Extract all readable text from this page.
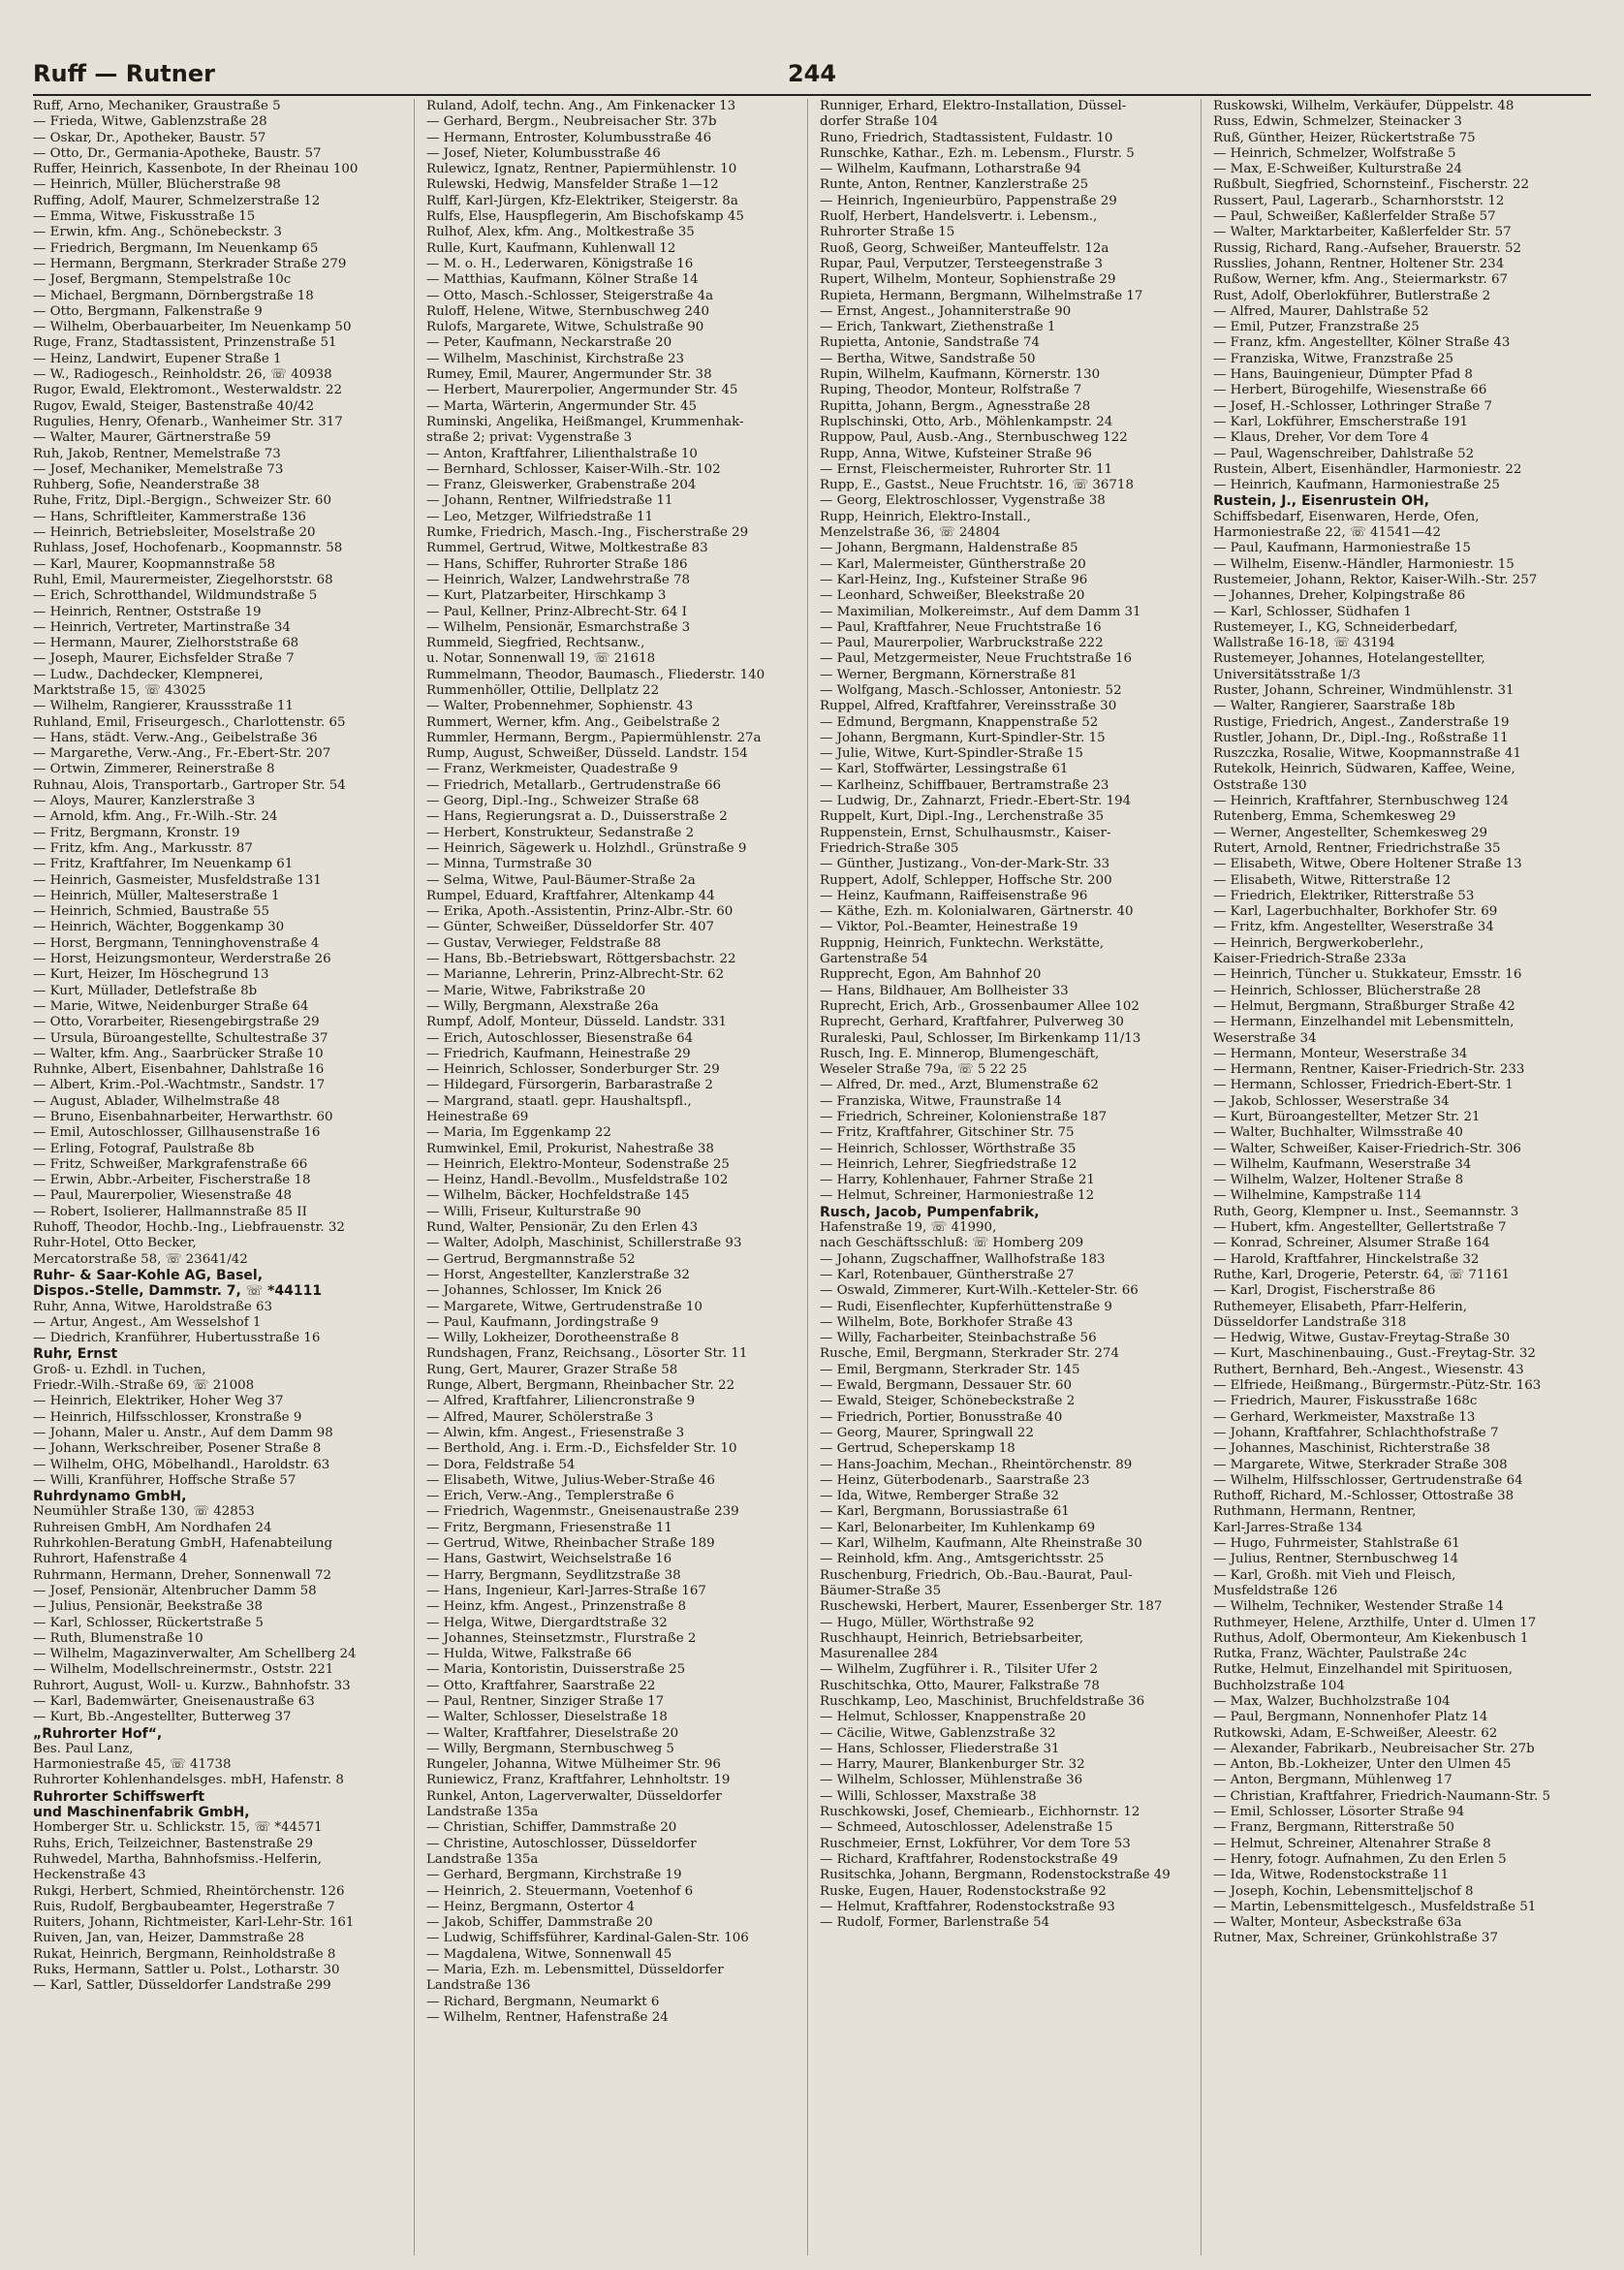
Ruff — Rutner	244
Ruff, Arno, Mechaniker, Graustraße 5
— Frieda, Witwe, Gablenzstraße 28
— Oskar, Dr., Apotheker, Baustr. 57
— Otto, Dr., Germania-Apotheke, Baustr. 57
Ruffer, Heinrich, Kassenbote, In der Rheinau 100
— Heinrich, Müller, Blücherstraße 98
Ruffing, Adolf, Maurer, Schmelzerstraße 12
— Emma, Witwe, Fiskusstraße 15
— Erwin, kfm. Ang., Schönebeckstr. 3
— Friedrich, Bergmann, Im Neuenkamp 65
— Hermann, Bergmann, Sterkrader Straße 279
— Josef, Bergmann, Stempelstraße 10c
— Michael, Bergmann, Dörnbergstraße 18
— Otto, Bergmann, Falkenstraße 9
— Wilhelm, Oberbauarbeiter, Im Neuenkamp 50
Ruge, Franz, Stadtassistent, Prinzenstraße 51
— Heinz, Landwirt, Eupener Straße 1
— W., Radiogesch., Reinholdstr. 26, ☏ 40938
Rugor, Ewald, Elektromont., Westerwaldstr. 22
Rugov, Ewald, Steiger, Bastenstraße 40/42
Rugulies, Henry, Ofenarb., Wanheimer Str. 317
— Walter, Maurer, Gärtnerstraße 59
Ruh, Jakob, Rentner, Memelstraße 73
— Josef, Mechaniker, Memelstraße 73
Ruhberg, Sofie, Neanderstraße 38
Ruhe, Fritz, Dipl.-Bergign., Schweizer Str. 60
— Hans, Schriftleiter, Kammerstraße 136
— Heinrich, Betriebsleiter, Moselstraße 20
Ruhlass, Josef, Hochofenarb., Koopmannstr. 58
— Karl, Maurer, Koopmannstraße 58
Ruhl, Emil, Maurermeister, Ziegelhorststr. 68
— Erich, Schrotthandel, Wildmundstraße 5
— Heinrich, Rentner, Oststraße 19
— Heinrich, Vertreter, Martinstraße 34
— Hermann, Maurer, Zielhorststraße 68
— Joseph, Maurer, Eichsfelder Straße 7
— Ludw., Dachdecker, Klempnerei,
Marktstraße 15, ☏ 43025
— Wilhelm, Rangierer, Kraussstraße 11
Ruhland, Emil, Friseurgesch., Charlottenstr. 65
— Hans, städt. Verw.-Ang., Geibelstraße 36
— Margarethe, Verw.-Ang., Fr.-Ebert-Str. 207
— Ortwin, Zimmerer, Reinerstraße 8
Ruhnau, Alois, Transportarb., Gartroper Str. 54
— Aloys, Maurer, Kanzlerstraße 3
— Arnold, kfm. Ang., Fr.-Wilh.-Str. 24
— Fritz, Bergmann, Kronstr. 19
— Fritz, kfm. Ang., Markusstr. 87
— Fritz, Kraftfahrer, Im Neuenkamp 61
— Heinrich, Gasmeister, Musfeldstraße 131
— Heinrich, Müller, Malteserstraße 1
— Heinrich, Schmied, Baustraße 55
— Heinrich, Wächter, Boggenkamp 30
— Horst, Bergmann, Tenninghovenstraße 4
— Horst, Heizungsmonteur, Werderstraße 26
— Kurt, Heizer, Im Höschegrund 13
— Kurt, Müllader, Detlefstraße 8b
— Marie, Witwe, Neidenburger Straße 64
— Otto, Vorarbeiter, Riesengebirgstraße 29
— Ursula, Büroangestellte, Schultestraße 37
— Walter, kfm. Ang., Saarbrücker Straße 10
Ruhnke, Albert, Eisenbahner, Dahlstraße 16
— Albert, Krim.-Pol.-Wachtmstr., Sandstr. 17
— August, Ablader, Wilhelmstraße 48
— Bruno, Eisenbahnarbeiter, Herwarthstr. 60
— Emil, Autoschlosser, Gillhausenstraße 16
— Erling, Fotograf, Paulstraße 8b
— Fritz, Schweißer, Markgrafenstraße 66
— Erwin, Abbr.-Arbeiter, Fischerstraße 18
— Paul, Maurerpolier, Wiesenstraße 48
— Robert, Isolierer, Hallmannstraße 85 II
Ruhoff, Theodor, Hochb.-Ing., Liebfrauenstr. 32
Ruhr-Hotel, Otto Becker,
Mercatorstraße 58, ☏ 23641/42
Ruhr- & Saar-Kohle AG, Basel,
Dispos.-Stelle, Dammstr. 7, ☏ *44111
Ruhr, Anna, Witwe, Haroldstraße 63
— Artur, Angest., Am Wesselshof 1
— Diedrich, Kranführer, Hubertusstraße 16
Ruhr, Ernst
Groß- u. Ezhdl. in Tuchen,
Friedr.-Wilh.-Straße 69, ☏ 21008
— Heinrich, Elektriker, Hoher Weg 37
— Heinrich, Hilfsschlosser, Kronstraße 9
— Johann, Maler u. Anstr., Auf dem Damm 98
— Johann, Werkschreiber, Posener Straße 8
— Wilhelm, OHG, Möbelhandl., Haroldstr. 63
— Willi, Kranführer, Hoffsche Straße 57
Ruhrdynamo GmbH,
Neumühler Straße 130, ☏ 42853
Ruhreisen GmbH, Am Nordhafen 24
Ruhrkohlen-Beratung GmbH, Hafenabteilung
Ruhrort, Hafenstraße 4
Ruhrmann, Hermann, Dreher, Sonnenwall 72
— Josef, Pensionär, Altenbrucher Damm 58
— Julius, Pensionär, Beekstraße 38
— Karl, Schlosser, Rückertstraße 5
— Ruth, Blumenstraße 10
— Wilhelm, Magazinverwalter, Am Schellberg 24
— Wilhelm, Modellschreinermstr., Oststr. 221
Ruhrort, August, Woll- u. Kurzw., Bahnhofstr. 33
— Karl, Bademwärter, Gneisenaustraße 63
— Kurt, Bb.-Angestellter, Butterweg 37
„Ruhrorter Hof“,
Bes. Paul Lanz,
Harmoniestraße 45, ☏ 41738
Ruhrorter Kohlenhandelsges. mbH, Hafenstr. 8
Ruhrorter Schiffswerft
und Maschinenfabrik GmbH,
Homberger Str. u. Schlickstr. 15, ☏ *44571
Ruhs, Erich, Teilzeichner, Bastenstraße 29
Ruhwedel, Martha, Bahnhofsmiss.-Helferin,
Heckenstraße 43
Rukgi, Herbert, Schmied, Rheintörchenstr. 126
Ruis, Rudolf, Bergbaubeamter, Hegerstraße 7
Ruiters, Johann, Richtmeister, Karl-Lehr-Str. 161
Ruiven, Jan, van, Heizer, Dammstraße 28
Rukat, Heinrich, Bergmann, Reinholdstraße 8
Ruks, Hermann, Sattler u. Polst., Lotharstr. 30
— Karl, Sattler, Düsseldorfer Landstraße 299
Ruland, Adolf, techn. Ang., Am Finkenacker 13
— Gerhard, Bergm., Neubreisacher Str. 37b
— Hermann, Entroster, Kolumbusstraße 46
— Josef, Nieter, Kolumbusstraße 46
Rulewicz, Ignatz, Rentner, Papiermühlenstr. 10
Rulewski, Hedwig, Mansfelder Straße 1—12
Rulff, Karl-Jürgen, Kfz-Elektriker, Steigerstr. 8a
Rulfs, Else, Hauspflegerin, Am Bischofskamp 45
Rulhof, Alex, kfm. Ang., Moltkestraße 35
Rulle, Kurt, Kaufmann, Kuhlenwall 12
— M. o. H., Lederwaren, Königstraße 16
— Matthias, Kaufmann, Kölner Straße 14
— Otto, Masch.-Schlosser, Steigerstraße 4a
Ruloff, Helene, Witwe, Sternbuschweg 240
Rulofs, Margarete, Witwe, Schulstraße 90
— Peter, Kaufmann, Neckarstraße 20
— Wilhelm, Maschinist, Kirchstraße 23
Rumey, Emil, Maurer, Angermunder Str. 38
— Herbert, Maurerpolier, Angermunder Str. 45
— Marta, Wärterin, Angermunder Str. 45
Ruminski, Angelika, Heißmangel, Krummenhak-
straße 2; privat: Vygenstraße 3
— Anton, Kraftfahrer, Lilienthalstraße 10
— Bernhard, Schlosser, Kaiser-Wilh.-Str. 102
— Franz, Gleiswerker, Grabenstraße 204
— Johann, Rentner, Wilfriedstraße 11
— Leo, Metzger, Wilfriedstraße 11
Rumke, Friedrich, Masch.-Ing., Fischerstraße 29
Rummel, Gertrud, Witwe, Moltkestraße 83
— Hans, Schiffer, Ruhrorter Straße 186
— Heinrich, Walzer, Landwehrstraße 78
— Kurt, Platzarbeiter, Hirschkamp 3
— Paul, Kellner, Prinz-Albrecht-Str. 64 I
— Wilhelm, Pensionär, Esmarchstraße 3
Rummeld, Siegfried, Rechtsanw.,
u. Notar, Sonnenwall 19, ☏ 21618
Rummelmann, Theodor, Baumasch., Fliederstr. 140
Rummenhöller, Ottilie, Dellplatz 22
— Walter, Probennehmer, Sophienstr. 43
Rummert, Werner, kfm. Ang., Geibelstraße 2
Rummler, Hermann, Bergm., Papiermühlenstr. 27a
Rump, August, Schweißer, Düsseld. Landstr. 154
— Franz, Werkmeister, Quadestraße 9
— Friedrich, Metallarb., Gertrudenstraße 66
— Georg, Dipl.-Ing., Schweizer Straße 68
— Hans, Regierungsrat a. D., Duisserstraße 2
— Herbert, Konstrukteur, Sedanstraße 2
— Heinrich, Sägewerk u. Holzhdl., Grünstraße 9
— Minna, Turmstraße 30
— Selma, Witwe, Paul-Bäumer-Straße 2a
Rumpel, Eduard, Kraftfahrer, Altenkamp 44
— Erika, Apoth.-Assistentin, Prinz-Albr.-Str. 60
— Günter, Schweißer, Düsseldorfer Str. 407
— Gustav, Verwieger, Feldstraße 88
— Hans, Bb.-Betriebswart, Röttgersbachstr. 22
— Marianne, Lehrerin, Prinz-Albrecht-Str. 62
— Marie, Witwe, Fabrikstraße 20
— Willy, Bergmann, Alexstraße 26a
Rumpf, Adolf, Monteur, Düsseld. Landstr. 331
— Erich, Autoschlosser, Biesenstraße 64
— Friedrich, Kaufmann, Heinestraße 29
— Heinrich, Schlosser, Sonderburger Str. 29
— Hildegard, Fürsorgerin, Barbarastraße 2
— Margrand, staatl. gepr. Haushaltspfl.,
Heinestraße 69
— Maria, Im Eggenkamp 22
Rumwinkel, Emil, Prokurist, Nahestraße 38
— Heinrich, Elektro-Monteur, Sodenstraße 25
— Heinz, Handl.-Bevollm., Musfeldstraße 102
— Wilhelm, Bäcker, Hochfeldstraße 145
— Willi, Friseur, Kulturstraße 90
Rund, Walter, Pensionär, Zu den Erlen 43
— Walter, Adolph, Maschinist, Schillerstraße 93
— Gertrud, Bergmannstraße 52
— Horst, Angestellter, Kanzlerstraße 32
— Johannes, Schlosser, Im Knick 26
— Margarete, Witwe, Gertrudenstraße 10
— Paul, Kaufmann, Jordingstraße 9
— Willy, Lokheizer, Dorotheenstraße 8
Rundshagen, Franz, Reichsang., Lösorter Str. 11
Rung, Gert, Maurer, Grazer Straße 58
Runge, Albert, Bergmann, Rheinbacher Str. 22
— Alfred, Kraftfahrer, Liliencronstraße 9
— Alfred, Maurer, Schölerstraße 3
— Alwin, kfm. Angest., Friesenstraße 3
— Berthold, Ang. i. Erm.-D., Eichsfelder Str. 10
— Dora, Feldstraße 54
— Elisabeth, Witwe, Julius-Weber-Straße 46
— Erich, Verw.-Ang., Templerstraße 6
— Friedrich, Wagenmstr., Gneisenaustraße 239
— Fritz, Bergmann, Friesenstraße 11
— Gertrud, Witwe, Rheinbacher Straße 189
— Hans, Gastwirt, Weichselstraße 16
— Harry, Bergmann, Seydlitzstraße 38
— Hans, Ingenieur, Karl-Jarres-Straße 167
— Heinz, kfm. Angest., Prinzenstraße 8
— Helga, Witwe, Diergardtstraße 32
— Johannes, Steinsetzmstr., Flurstraße 2
— Hulda, Witwe, Falkstraße 66
— Maria, Kontoristin, Duisserstraße 25
— Otto, Kraftfahrer, Saarstraße 22
— Paul, Rentner, Sinziger Straße 17
— Walter, Schlosser, Dieselstraße 18
— Walter, Kraftfahrer, Dieselstraße 20
— Willy, Bergmann, Sternbuschweg 5
Rungeler, Johanna, Witwe Mülheimer Str. 96
Runiewicz, Franz, Kraftfahrer, Lehnholtstr. 19
Runkel, Anton, Lagerverwalter, Düsseldorfer
Landstraße 135a
— Christian, Schiffer, Dammstraße 20
— Christine, Autoschlosser, Düsseldorfer
Landstraße 135a
— Gerhard, Bergmann, Kirchstraße 19
— Heinrich, 2. Steuermann, Voetenhof 6
— Heinz, Bergmann, Ostertor 4
— Jakob, Schiffer, Dammstraße 20
— Ludwig, Schiffsführer, Kardinal-Galen-Str. 106
— Magdalena, Witwe, Sonnenwall 45
— Maria, Ezh. m. Lebensmittel, Düsseldorfer
Landstraße 136
— Richard, Bergmann, Neumarkt 6
— Wilhelm, Rentner, Hafenstraße 24
Runniger, Erhard, Elektro-Installation, Düssel-
dorfer Straße 104
Runo, Friedrich, Stadtassistent, Fuldastr. 10
Runschke, Kathar., Ezh. m. Lebensm., Flurstr. 5
— Wilhelm, Kaufmann, Lotharstraße 94
Runte, Anton, Rentner, Kanzlerstraße 25
— Heinrich, Ingenieurbüro, Pappenstraße 29
Ruolf, Herbert, Handelsvertr. i. Lebensm.,
Ruhrorter Straße 15
Ruoß, Georg, Schweißer, Manteuffelstr. 12a
Rupar, Paul, Verputzer, Tersteegenstraße 3
Rupert, Wilhelm, Monteur, Sophienstraße 29
Rupieta, Hermann, Bergmann, Wilhelmstraße 17
— Ernst, Angest., Johanniterstraße 90
— Erich, Tankwart, Ziethenstraße 1
Rupietta, Antonie, Sandstraße 74
— Bertha, Witwe, Sandstraße 50
Rupin, Wilhelm, Kaufmann, Körnerstr. 130
Ruping, Theodor, Monteur, Rolfstraße 7
Rupitta, Johann, Bergm., Agnesstraße 28
Ruplschinski, Otto, Arb., Möhlenkampstr. 24
Ruppow, Paul, Ausb.-Ang., Sternbuschweg 122
Rupp, Anna, Witwe, Kufsteiner Straße 96
— Ernst, Fleischermeister, Ruhrorter Str. 11
Rupp, E., Gastst., Neue Fruchtstr. 16, ☏ 36718
— Georg, Elektroschlosser, Vygenstraße 38
Rupp, Heinrich, Elektro-Install.,
Menzelstraße 36, ☏ 24804
— Johann, Bergmann, Haldenstraße 85
— Karl, Malermeister, Güntherstraße 20
— Karl-Heinz, Ing., Kufsteiner Straße 96
— Leonhard, Schweißer, Bleekstraße 20
— Maximilian, Molkereimstr., Auf dem Damm 31
— Paul, Kraftfahrer, Neue Fruchtstraße 16
— Paul, Maurerpolier, Warbruckstraße 222
— Paul, Metzgermeister, Neue Fruchtstraße 16
— Werner, Bergmann, Körnerstraße 81
— Wolfgang, Masch.-Schlosser, Antoniestr. 52
Ruppel, Alfred, Kraftfahrer, Vereinsstraße 30
— Edmund, Bergmann, Knappenstraße 52
— Johann, Bergmann, Kurt-Spindler-Str. 15
— Julie, Witwe, Kurt-Spindler-Straße 15
— Karl, Stoffwärter, Lessingstraße 61
— Karlheinz, Schiffbauer, Bertramstraße 23
— Ludwig, Dr., Zahnarzt, Friedr.-Ebert-Str. 194
Ruppelt, Kurt, Dipl.-Ing., Lerchenstraße 35
Ruppenstein, Ernst, Schulhausmstr., Kaiser-
Friedrich-Straße 305
— Günther, Justizang., Von-der-Mark-Str. 33
Ruppert, Adolf, Schlepper, Hoffsche Str. 200
— Heinz, Kaufmann, Raiffeisenstraße 96
— Käthe, Ezh. m. Kolonialwaren, Gärtnerstr. 40
— Viktor, Pol.-Beamter, Heinestraße 19
Ruppnig, Heinrich, Funktechn. Werkstätte,
Gartenstraße 54
Rupprecht, Egon, Am Bahnhof 20
— Hans, Bildhauer, Am Bollheister 33
Ruprecht, Erich, Arb., Grossenbaumer Allee 102
Ruprecht, Gerhard, Kraftfahrer, Pulverweg 30
Ruraleski, Paul, Schlosser, Im Birkenkamp 11/13
Rusch, Ing. E. Minnerop, Blumengeschäft,
Weseler Straße 79a, ☏ 5 22 25
— Alfred, Dr. med., Arzt, Blumenstraße 62
— Franziska, Witwe, Fraunstraße 14
— Friedrich, Schreiner, Kolonienstraße 187
— Fritz, Kraftfahrer, Gitschiner Str. 75
— Heinrich, Schlosser, Wörthstraße 35
— Heinrich, Lehrer, Siegfriedstraße 12
— Harry, Kohlenhauer, Fahrner Straße 21
— Helmut, Schreiner, Harmoniestraße 12
Rusch, Jacob, Pumpenfabrik,
Hafenstraße 19, ☏ 41990,
nach Geschäftsschluß: ☏ Homberg 209
— Johann, Zugschaffner, Wallhofstraße 183
— Karl, Rotenbauer, Güntherstraße 27
— Oswald, Zimmerer, Kurt-Wilh.-Ketteler-Str. 66
— Rudi, Eisenflechter, Kupferhüttenstraße 9
— Wilhelm, Bote, Borkhofer Straße 43
— Willy, Facharbeiter, Steinbachstraße 56
Rusche, Emil, Bergmann, Sterkrader Str. 274
— Emil, Bergmann, Sterkrader Str. 145
— Ewald, Bergmann, Dessauer Str. 60
— Ewald, Steiger, Schönebeckstraße 2
— Friedrich, Portier, Bonusstraße 40
— Georg, Maurer, Springwall 22
— Gertrud, Scheperskamp 18
— Hans-Joachim, Mechan., Rheintörchenstr. 89
— Heinz, Güterbodenarb., Saarstraße 23
— Ida, Witwe, Remberger Straße 32
— Karl, Bergmann, Borussiastraße 61
— Karl, Belonarbeiter, Im Kuhlenkamp 69
— Karl, Wilhelm, Kaufmann, Alte Rheinstraße 30
— Reinhold, kfm. Ang., Amtsgerichtsstr. 25
Ruschenburg, Friedrich, Ob.-Bau.-Baurat, Paul-
Bäumer-Straße 35
Ruschewski, Herbert, Maurer, Essenberger Str. 187
— Hugo, Müller, Wörthstraße 92
Ruschhaupt, Heinrich, Betriebsarbeiter,
Masurenallee 284
— Wilhelm, Zugführer i. R., Tilsiter Ufer 2
Ruschitschka, Otto, Maurer, Falkstraße 78
Ruschkamp, Leo, Maschinist, Bruchfeldstraße 36
— Helmut, Schlosser, Knappenstraße 20
— Cäcilie, Witwe, Gablenzstraße 32
— Hans, Schlosser, Fliederstraße 31
— Harry, Maurer, Blankenburger Str. 32
— Wilhelm, Schlosser, Mühlenstraße 36
— Willi, Schlosser, Maxstraße 38
Ruschkowski, Josef, Chemiearb., Eichhornstr. 12
— Schmeed, Autoschlosser, Adelenstraße 15
Ruschmeier, Ernst, Lokführer, Vor dem Tore 53
— Richard, Kraftfahrer, Rodenstockstraße 49
Rusitschka, Johann, Bergmann, Rodenstockstraße 49
Ruske, Eugen, Hauer, Rodenstockstraße 92
— Helmut, Kraftfahrer, Rodenstockstraße 93
— Rudolf, Former, Barlenstraße 54
Ruskowski, Wilhelm, Verkäufer, Düppelstr. 48
Russ, Edwin, Schmelzer, Steinacker 3
Ruß, Günther, Heizer, Rückertstraße 75
— Heinrich, Schmelzer, Wolfstraße 5
— Max, E-Schweißer, Kulturstraße 24
Rußbult, Siegfried, Schornsteinf., Fischerstr. 22
Russert, Paul, Lagerarb., Scharnhorststr. 12
— Paul, Schweißer, Kaßlerfelder Straße 57
— Walter, Marktarbeiter, Kaßlerfelder Str. 57
Russig, Richard, Rang.-Aufseher, Brauerstr. 52
Russlies, Johann, Rentner, Holtener Str. 234
Rußow, Werner, kfm. Ang., Steiermarkstr. 67
Rust, Adolf, Oberlokführer, Butlerstraße 2
— Alfred, Maurer, Dahlstraße 52
— Emil, Putzer, Franzstraße 25
— Franz, kfm. Angestellter, Kölner Straße 43
— Franziska, Witwe, Franzstraße 25
— Hans, Bauingenieur, Dümpter Pfad 8
— Herbert, Bürogehilfe, Wiesenstraße 66
— Josef, H.-Schlosser, Lothringer Straße 7
— Karl, Lokführer, Emscherstraße 191
— Klaus, Dreher, Vor dem Tore 4
— Paul, Wagenschreiber, Dahlstraße 52
Rustein, Albert, Eisenhändler, Harmoniestr. 22
— Heinrich, Kaufmann, Harmoniestraße 25
Rustein, J., Eisenrustein OH,
Schiffsbedarf, Eisenwaren, Herde, Öfen,
Harmoniestraße 22, ☏ 41541—42
— Paul, Kaufmann, Harmoniestraße 15
— Wilhelm, Eisenw.-Händler, Harmoniestr. 15
Rustemeier, Johann, Rektor, Kaiser-Wilh.-Str. 257
— Johannes, Dreher, Kolpingstraße 86
— Karl, Schlosser, Südhafen 1
Rustemeyer, I., KG, Schneiderbedarf,
Wallstraße 16-18, ☏ 43194
Rustemeyer, Johannes, Hotelangestellter,
Universitätsstraße 1/3
Ruster, Johann, Schreiner, Windmühlenstr. 31
— Walter, Rangierer, Saarstraße 18b
Rustige, Friedrich, Angest., Zanderstraße 19
Rustler, Johann, Dr., Dipl.-Ing., Roßstraße 11
Ruszczka, Rosalie, Witwe, Koopmannstraße 41
Rutekolk, Heinrich, Südwaren, Kaffee, Weine,
Oststraße 130
— Heinrich, Kraftfahrer, Sternbuschweg 124
Rutenberg, Emma, Schemkesweg 29
— Werner, Angestellter, Schemkesweg 29
Rutert, Arnold, Rentner, Friedrichstraße 35
— Elisabeth, Witwe, Obere Holtener Straße 13
— Elisabeth, Witwe, Ritterstraße 12
— Friedrich, Elektriker, Ritterstraße 53
— Karl, Lagerbuchhalter, Borkhofer Str. 69
— Fritz, kfm. Angestellter, Weserstraße 34
— Heinrich, Bergwerkoberlehr.,
Kaiser-Friedrich-Straße 233a
— Heinrich, Tüncher u. Stukkateur, Emsstr. 16
— Heinrich, Schlosser, Blücherstraße 28
— Helmut, Bergmann, Straßburger Straße 42
— Hermann, Einzelhandel mit Lebensmitteln,
Weserstraße 34
— Hermann, Monteur, Weserstraße 34
— Hermann, Rentner, Kaiser-Friedrich-Str. 233
— Hermann, Schlosser, Friedrich-Ebert-Str. 1
— Jakob, Schlosser, Weserstraße 34
— Kurt, Büroangestellter, Metzer Str. 21
— Walter, Buchhalter, Wilmsstraße 40
— Walter, Schweißer, Kaiser-Friedrich-Str. 306
— Wilhelm, Kaufmann, Weserstraße 34
— Wilhelm, Walzer, Holtener Straße 8
— Wilhelmine, Kampstraße 114
Ruth, Georg, Klempner u. Inst., Seemannstr. 3
— Hubert, kfm. Angestellter, Gellertstraße 7
— Konrad, Schreiner, Alsumer Straße 164
— Harold, Kraftfahrer, Hinckelstraße 32
Ruthe, Karl, Drogerie, Peterstr. 64, ☏ 71161
— Karl, Drogist, Fischerstraße 86
Ruthemeyer, Elisabeth, Pfarr-Helferin,
Düsseldorfer Landstraße 318
— Hedwig, Witwe, Gustav-Freytag-Straße 30
— Kurt, Maschinenbauing., Gust.-Freytag-Str. 32
Ruthert, Bernhard, Beh.-Angest., Wiesenstr. 43
— Elfriede, Heißmang., Bürgermstr.-Pütz-Str. 163
— Friedrich, Maurer, Fiskusstraße 168c
— Gerhard, Werkmeister, Maxstraße 13
— Johann, Kraftfahrer, Schlachthofstraße 7
— Johannes, Maschinist, Richterstraße 38
— Margarete, Witwe, Sterkrader Straße 308
— Wilhelm, Hilfsschlosser, Gertrudenstraße 64
Ruthoff, Richard, M.-Schlosser, Ottostraße 38
Ruthmann, Hermann, Rentner,
Karl-Jarres-Straße 134
— Hugo, Fuhrmeister, Stahlstraße 61
— Julius, Rentner, Sternbuschweg 14
— Karl, Großh. mit Vieh und Fleisch,
Musfeldstraße 126
— Wilhelm, Techniker, Westender Straße 14
Ruthmeyer, Helene, Arzthilfe, Unter d. Ulmen 17
Ruthus, Adolf, Obermonteur, Am Kiekenbusch 1
Rutka, Franz, Wächter, Paulstraße 24c
Rutke, Helmut, Einzelhandel mit Spirituosen,
Buchholzstraße 104
— Max, Walzer, Buchholzstraße 104
— Paul, Bergmann, Nonnenhofer Platz 14
Rutkowski, Adam, E-Schweißer, Aleestr. 62
— Alexander, Fabrikarb., Neubreisacher Str. 27b
— Anton, Bb.-Lokheizer, Unter den Ulmen 45
— Anton, Bergmann, Mühlenweg 17
— Christian, Kraftfahrer, Friedrich-Naumann-Str. 5
— Emil, Schlosser, Lösorter Straße 94
— Franz, Bergmann, Ritterstraße 50
— Helmut, Schreiner, Altenahrer Straße 8
— Henry, fotogr. Aufnahmen, Zu den Erlen 5
— Ida, Witwe, Rodenstockstraße 11
— Joseph, Kochin, Lebensmitteljschof 8
— Martin, Lebensmittelgesch., Musfeldstraße 51
— Walter, Monteur, Asbeckstraße 63a
Rutner, Max, Schreiner, Grünkohlstraße 37
